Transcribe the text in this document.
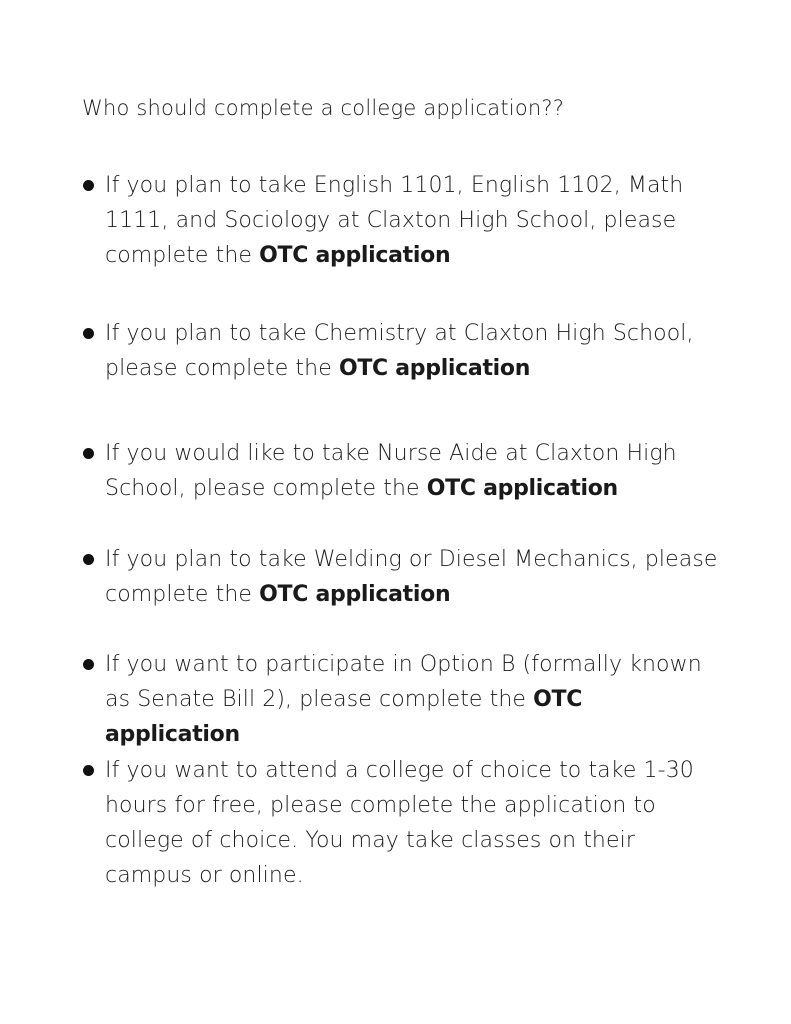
Who should complete a college application??
If you plan to take English 1101, English 1102, Math 1111, and Sociology at Claxton High School, please complete the OTC application
If you plan to take Chemistry at Claxton High School, please complete the OTC application
If you would like to take Nurse Aide at Claxton High School, please complete the OTC application
If you plan to take Welding or Diesel Mechanics, please complete the OTC application
If you want to participate in Option B (formally known as Senate Bill 2), please complete the OTC application
If you want to attend a college of choice to take 1-30 hours for free, please complete the application to college of choice. You may take classes on their campus or online.
